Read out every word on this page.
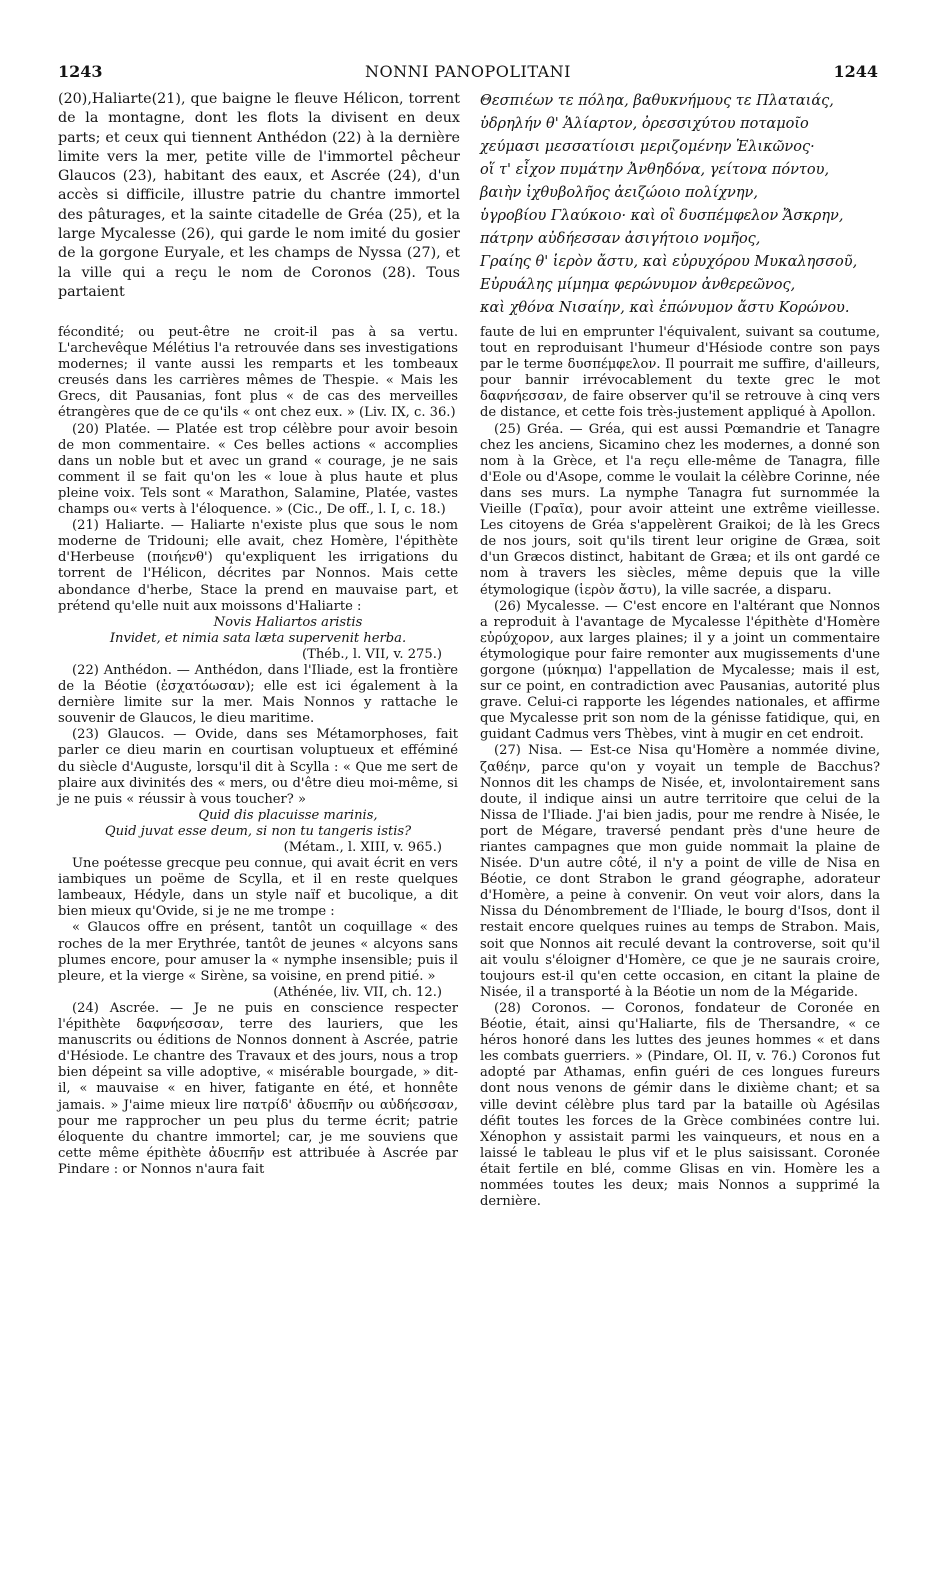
1243	NONNI PANOPOLITANI	1244

(20),Haliarte(21), que baigne le fleuve Hélicon, torrent de la montagne, dont les flots la divisent en deux parts; et ceux qui tiennent Anthédon (22) à la dernière limite vers la mer, petite ville de l'immortel pêcheur Glaucos (23), habitant des eaux, et Ascrée (24), d'un accès si difficile, illustre patrie du chantre immortel des pâturages, et la sainte citadelle de Gréa (25), et la large Mycalesse (26), qui garde le nom imité du gosier de la gorgone Euryale, et les champs de Nyssa (27), et la ville qui a reçu le nom de Coronos (28). Tous partaient

Θεσπιέων τε πόληα, βαθυκνήμους τε Πλαταιάς,
ὑδρηλήν θ' Ἁλίαρτον, ὀρεσσιχύτου ποταμοῖο
χεύμασι μεσσατίοισι μεριζομένην Ἑλικῶνος·
οἵ τ' εἶχον πυμάτην Ἀνθηδόνα, γείτονα πόντου,
βαιὴν ἰχθυβολῆος ἀειζώοιο πολίχνην,
ὑγροβίου Γλαύκοιο· καὶ οἳ δυσπέμφελον Ἄσκρην,
πάτρην αὐδήεσσαν ἀσιγήτοιο νομῆος,
Γραίης θ' ἱερὸν ἄστυ, καὶ εὐρυχόρου Μυκαλησσοῦ,
Εὐρυάλης μίμημα φερώνυμον ἀνθερεῶνος,
καὶ χθόνα Νισαίην, καὶ ἐπώνυμον ἄστυ Κορώνου.

fécondité; ou peut-être ne croit-il pas à sa vertu. L'archevêque Mélétius l'a retrouvée dans ses investigations modernes; il vante aussi les remparts et les tombeaux creusés dans les carrières mêmes de Thespie. « Mais les Grecs, dit Pausanias, font plus « de cas des merveilles étrangères que de ce qu'ils « ont chez eux. » (Liv. IX, c. 36.)

(20) Platée. — Platée est trop célèbre pour avoir besoin de mon commentaire. « Ces belles actions « accomplies dans un noble but et avec un grand « courage, je ne sais comment il se fait qu'on les « loue à plus haute et plus pleine voix. Tels sont « Marathon, Salamine, Platée, vastes champs ou« verts à l'éloquence. » (Cic., De off., l. I, c. 18.)

(21) Haliarte. — Haliarte n'existe plus que sous le nom moderne de Tridouni; elle avait, chez Homère, l'épithète d'Herbeuse (ποιήενθ') qu'expliquent les irrigations du torrent de l'Hélicon, décrites par Nonnos. Mais cette abondance d'herbe, Stace la prend en mauvaise part, et prétend qu'elle nuit aux moissons d'Haliarte :

Novis Haliartos aristis

Invidet, et nimia sata læta supervenit herba.

(Théb., l. VII, v. 275.)

(22) Anthédon. — Anthédon, dans l'Iliade, est la frontière de la Béotie (ἐσχατόωσαν); elle est ici également à la dernière limite sur la mer. Mais Nonnos y rattache le souvenir de Glaucos, le dieu maritime.

(23) Glaucos. — Ovide, dans ses Métamorphoses, fait parler ce dieu marin en courtisan voluptueux et efféminé du siècle d'Auguste, lorsqu'il dit à Scylla : « Que me sert de plaire aux divinités des « mers, ou d'être dieu moi-même, si je ne puis « réussir à vous toucher? »

Quid dis placuisse marinis,

Quid juvat esse deum, si non tu tangeris istis?

(Métam., l. XIII, v. 965.)

Une poétesse grecque peu connue, qui avait écrit en vers iambiques un poëme de Scylla, et il en reste quelques lambeaux, Hédyle, dans un style naïf et bucolique, a dit bien mieux qu'Ovide, si je ne me trompe :

« Glaucos offre en présent, tantôt un coquillage « des roches de la mer Erythrée, tantôt de jeunes « alcyons sans plumes encore, pour amuser la « nymphe insensible; puis il pleure, et la vierge « Sirène, sa voisine, en prend pitié. »

(Athénée, liv. VII, ch. 12.)

(24) Ascrée. — Je ne puis en conscience respecter l'épithète δαφνήεσσαν, terre des lauriers, que les manuscrits ou éditions de Nonnos donnent à Ascrée, patrie d'Hésiode. Le chantre des Travaux et des jours, nous a trop bien dépeint sa ville adoptive, « misérable bourgade, » dit-il, « mauvaise « en hiver, fatigante en été, et honnête jamais. » J'aime mieux lire πατρίδ' ἀδυεπῆν ou αὐδήεσσαν, pour me rapprocher un peu plus du terme écrit; patrie éloquente du chantre immortel; car, je me souviens que cette même épithète ἀδυεπῆν est attribuée à Ascrée par Pindare : or Nonnos n'aura fait

faute de lui en emprunter l'équivalent, suivant sa coutume, tout en reproduisant l'humeur d'Hésiode contre son pays par le terme δυσπέμφελον. Il pourrait me suffire, d'ailleurs, pour bannir irrévocablement du texte grec le mot δαφνήεσσαν, de faire observer qu'il se retrouve à cinq vers de distance, et cette fois très-justement appliqué à Apollon.

(25) Gréa. — Gréa, qui est aussi Pœmandrie et Tanagre chez les anciens, Sicamino chez les modernes, a donné son nom à la Grèce, et l'a reçu elle-même de Tanagra, fille d'Eole ou d'Asope, comme le voulait la célèbre Corinne, née dans ses murs. La nymphe Tanagra fut surnommée la Vieille (Γραῖα), pour avoir atteint une extrême vieillesse. Les citoyens de Gréa s'appelèrent Graikoi; de là les Grecs de nos jours, soit qu'ils tirent leur origine de Græa, soit d'un Græcos distinct, habitant de Græa; et ils ont gardé ce nom à travers les siècles, même depuis que la ville étymologique (ἱερὸν ἄστυ), la ville sacrée, a disparu.

(26) Mycalesse. — C'est encore en l'altérant que Nonnos a reproduit à l'avantage de Mycalesse l'épithète d'Homère εὐρύχορον, aux larges plaines; il y a joint un commentaire étymologique pour faire remonter aux mugissements d'une gorgone (μύκημα) l'appellation de Mycalesse; mais il est, sur ce point, en contradiction avec Pausanias, autorité plus grave. Celui-ci rapporte les légendes nationales, et affirme que Mycalesse prit son nom de la génisse fatidique, qui, en guidant Cadmus vers Thèbes, vint à mugir en cet endroit.

(27) Nisa. — Est-ce Nisa qu'Homère a nommée divine, ζαθέην, parce qu'on y voyait un temple de Bacchus? Nonnos dit les champs de Nisée, et, involontairement sans doute, il indique ainsi un autre territoire que celui de la Nissa de l'Iliade. J'ai bien jadis, pour me rendre à Nisée, le port de Mégare, traversé pendant près d'une heure de riantes campagnes que mon guide nommait la plaine de Nisée. D'un autre côté, il n'y a point de ville de Nisa en Béotie, ce dont Strabon le grand géographe, adorateur d'Homère, a peine à convenir. On veut voir alors, dans la Nissa du Dénombrement de l'Iliade, le bourg d'Isos, dont il restait encore quelques ruines au temps de Strabon. Mais, soit que Nonnos ait reculé devant la controverse, soit qu'il ait voulu s'éloigner d'Homère, ce que je ne saurais croire, toujours est-il qu'en cette occasion, en citant la plaine de Nisée, il a transporté à la Béotie un nom de la Mégaride.

(28) Coronos. — Coronos, fondateur de Coronée en Béotie, était, ainsi qu'Haliarte, fils de Thersandre, « ce héros honoré dans les luttes des jeunes hommes « et dans les combats guerriers. » (Pindare, Ol. II, v. 76.) Coronos fut adopté par Athamas, enfin guéri de ces longues fureurs dont nous venons de gémir dans le dixième chant; et sa ville devint célèbre plus tard par la bataille où Agésilas défit toutes les forces de la Grèce combinées contre lui. Xénophon y assistait parmi les vainqueurs, et nous en a laissé le tableau le plus vif et le plus saisissant. Coronée était fertile en blé, comme Glisas en vin. Homère les a nommées toutes les deux; mais Nonnos a supprimé la dernière.
